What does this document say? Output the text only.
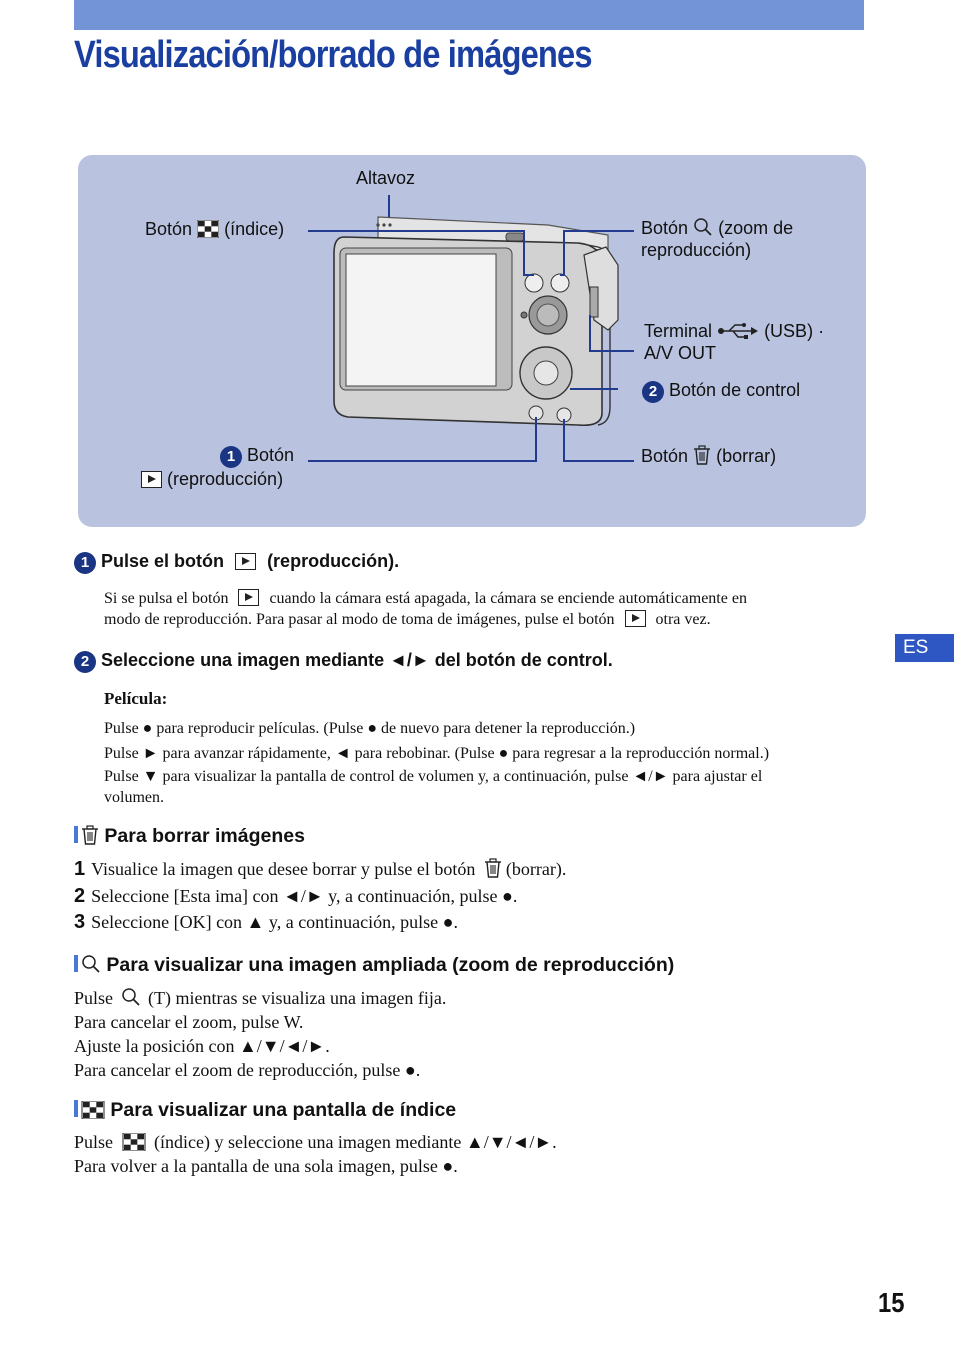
Visualización/borrado de imágenes
Altavoz
Botón (índice)	Botón (zoom de
reproducción)
Terminal	(USB) ·
A/V OUT
2 Botón de control
1 Botón
(reproducción)
Botón (borrar)
1 Pulse el botón (reproducción).

Si se pulsa el botón	cuando la cámara está apagada, la cámara se enciende automáticamente en

modo de reproducción. Para pasar al modo de toma de imágenes, pulse el botón	otra vez.

2 Seleccione una imagen mediante ◄/► del botón de control.
Película:

Pulse ● para reproducir películas. (Pulse ● de nuevo para detener la reproducción.)

Pulse ► para avanzar rápidamente, ◄ para rebobinar. (Pulse ● para regresar a la reproducción normal.)

Pulse ▼ para visualizar la pantalla de control de volumen y, a continuación, pulse ◄/► para ajustar el

volumen.

Para borrar imágenes

1 Visualice la imagen que desee borrar y pulse el botón (borrar).

2 Seleccione [Esta ima] con ◄/► y, a continuación, pulse ●.

3 Seleccione [OK] con ▲ y, a continuación, pulse ●.

Para visualizar una imagen ampliada (zoom de reproducción)

Pulse (T) mientras se visualiza una imagen fija.

Para cancelar el zoom, pulse W.

Ajuste la posición con ▲/▼/◄/►.

Para cancelar el zoom de reproducción, pulse ●.

Para visualizar una pantalla de índice

Pulse (índice) y seleccione una imagen mediante ▲/▼/◄/►.

Para volver a la pantalla de una sola imagen, pulse ●.

ES
15
